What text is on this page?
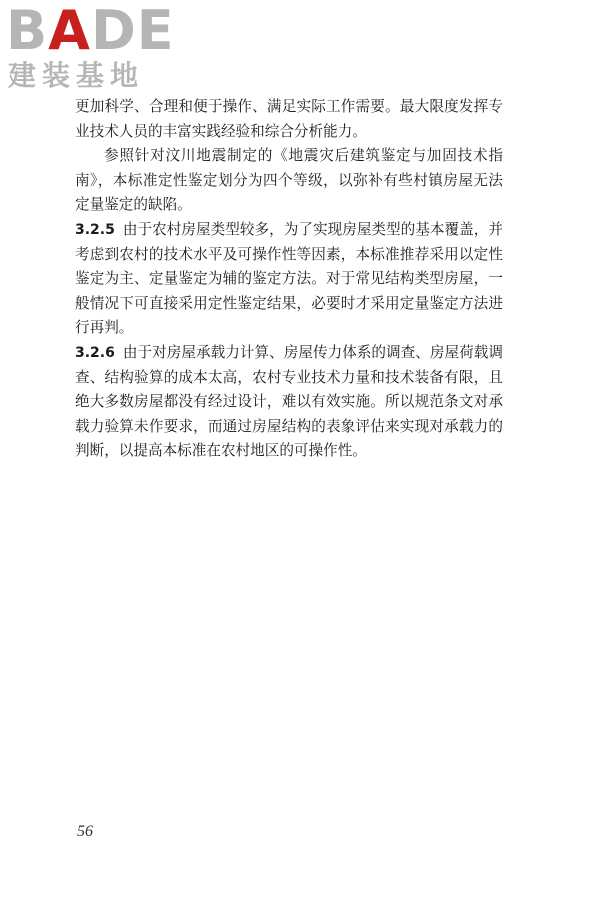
BADE
建装基地

更加科学、合理和便于操作、满足实际工作需要。最大限度发挥专业技术人员的丰富实践经验和综合分析能力。

参照针对汶川地震制定的《地震灾后建筑鉴定与加固技术指南》，本标准定性鉴定划分为四个等级，以弥补有些村镇房屋无法定量鉴定的缺陷。

3.2.5 由于农村房屋类型较多，为了实现房屋类型的基本覆盖，并考虑到农村的技术水平及可操作性等因素，本标准推荐采用以定性鉴定为主、定量鉴定为辅的鉴定方法。对于常见结构类型房屋，一般情况下可直接采用定性鉴定结果，必要时才采用定量鉴定方法进行再判。

3.2.6 由于对房屋承载力计算、房屋传力体系的调查、房屋荷载调查、结构验算的成本太高，农村专业技术力量和技术装备有限，且绝大多数房屋都没有经过设计，难以有效实施。所以规范条文对承载力验算未作要求，而通过房屋结构的表象评估来实现对承载力的判断，以提高本标准在农村地区的可操作性。

56
